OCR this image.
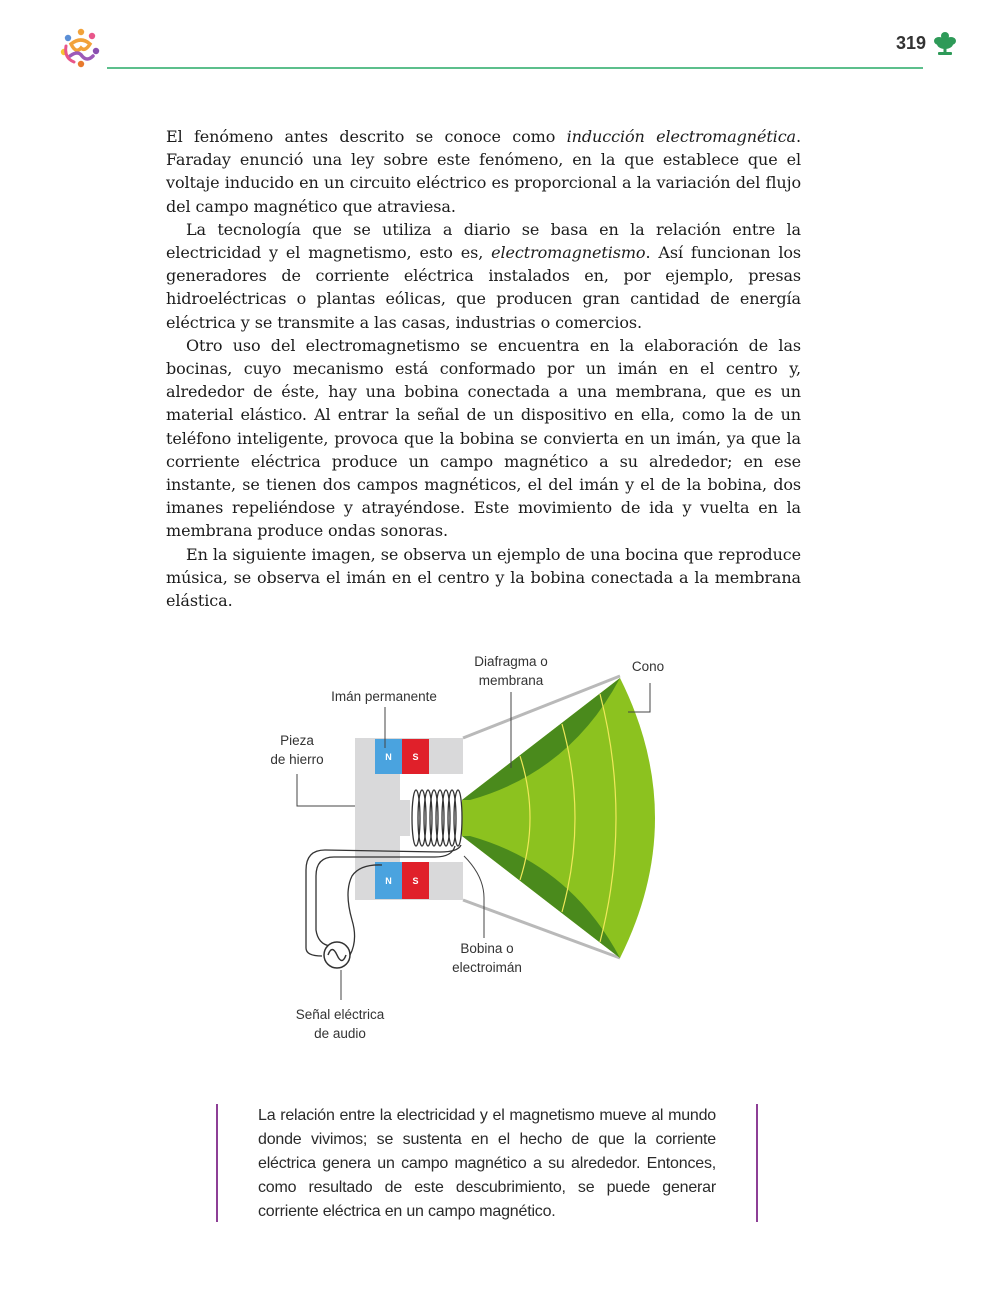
319

El fenómeno antes descrito se conoce como inducción electromagnética. Faraday enunció una ley sobre este fenómeno, en la que establece que el voltaje inducido en un circuito eléctrico es proporcional a la variación del flujo del campo magnético que atraviesa.

La tecnología que se utiliza a diario se basa en la relación entre la electricidad y el magnetismo, esto es, electromagnetismo. Así funcionan los generadores de corriente eléctrica instalados en, por ejemplo, presas hidroeléctricas o plantas eólicas, que producen gran cantidad de energía eléctrica y se transmite a las casas, industrias o comercios.

Otro uso del electromagnetismo se encuentra en la elaboración de las bocinas, cuyo mecanismo está conformado por un imán en el centro y, alrededor de éste, hay una bobina conectada a una membrana, que es un material elástico. Al entrar la señal de un dispositivo en ella, como la de un teléfono inteligente, provoca que la bobina se convierta en un imán, ya que la corriente eléctrica produce un campo magnético a su alrededor; en ese instante, se tienen dos campos magnéticos, el del imán y el de la bobina, dos imanes repeliéndose y atrayéndose. Este movimiento de ida y vuelta en la membrana produce ondas sonoras.

En la siguiente imagen, se observa un ejemplo de una bocina que reproduce música, se observa el imán en el centro y la bobina conectada a la membrana elástica.

N S
N S
Diafragma o
membrana
Cono
Imán permanente
Pieza
de hierro
Bobina o
electroimán
Señal eléctrica
de audio

La relación entre la electricidad y el magnetismo mueve al mundo donde vivimos; se sustenta en el hecho de que la corriente eléctrica genera un campo magnético a su alrededor. Entonces, como resultado de este descubrimiento, se puede generar corriente eléctrica en un campo magnético.
